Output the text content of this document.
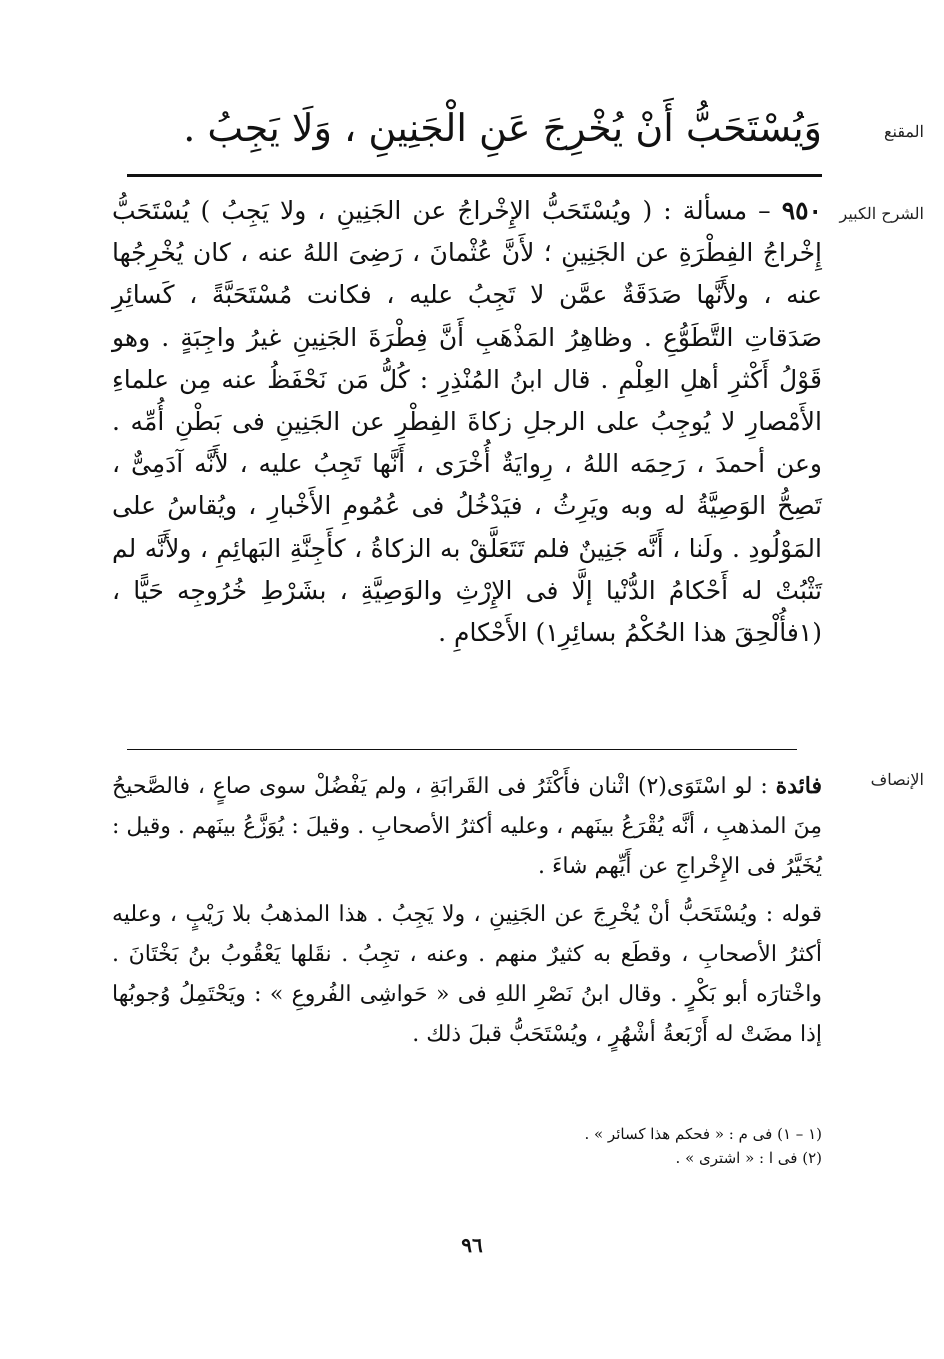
المقنع
وَيُسْتَحَبُّ أَنْ يُخْرِجَ عَنِ الْجَنِينِ ، وَلَا يَجِبُ .
الشرح الكبير
٩٥٠ – مسألة : ( ويُسْتَحَبُّ الإِخْراجُ عن الجَنِينِ ، ولا يَجِبُ ) يُسْتَحَبُّ إِخْراجُ الفِطْرَةِ عن الجَنِينِ ؛ لأَنَّ عُثْمانَ ، رَضِىَ اللهُ عنه ، كان يُخْرِجُها عنه ، ولأَنَّها صَدَقَةٌ عمَّن لا تَجِبُ عليه ، فكانت مُسْتَحَبَّةً ، كَسائِرِ صَدَقاتِ التَّطَوُّعِ . وظاهِرُ المَذْهَبِ أَنَّ فِطْرَةَ الجَنِينِ غيرُ واجِبَةٍ . وهو قَوْلُ أَكْثرِ أهلِ العِلْمِ . قال ابنُ المُنْذِرِ : كُلُّ مَن نَحْفَظُ عنه مِن علماءِ الأَمْصارِ لا يُوجِبُ على الرجلِ زكاةَ الفِطْرِ عن الجَنِينِ فى بَطْنِ أُمِّه . وعن أحمدَ ، رَحِمَه اللهُ ، رِوايَةٌ أُخْرَى ، أَنَّها تَجِبُ عليه ، لأَنَّه آدَمِىٌّ ، تَصِحُّ الوَصِيَّةُ له وبه ويَرِثُ ، فيَدْخُلُ فى عُمُومِ الأَخْبارِ ، ويُقاسُ على المَوْلُودِ . ولَنا ، أَنَّه جَنِينٌ فلم تَتَعَلَّقْ به الزكاةُ ، كأَجِنَّةِ البَهائِمِ ، ولأَنَّه لم تَثْبُتْ له أَحْكامُ الدُّنْيا إلَّا فى الإِرْثِ والوَصِيَّةِ ، بشَرْطِ خُرُوجِه حَيًّا ، (١فأُلْحِقَ هذا الحُكْمُ بسائِرِ١) الأَحْكامِ .
الإنصاف

فائدة : لو اسْتَوَى(٢) اثْنان فأَكْثَرُ فى القَرابَةِ ، ولم يَفْضُلْ سوى صاعٍ ، فالصَّحيحُ مِنَ المذهبِ ، أنَّه يُقْرَعُ بينَهم ، وعليه أكثرُ الأصحابِ . وقيلَ : يُوَزَّعُ بينَهم . وقيل : يُخَيَّرُ فى الإِخْراجِ عن أَيِّهم شاءَ .

قوله : ويُسْتَحَبُّ أنْ يُخْرِجَ عن الجَنِينِ ، ولا يَجِبُ . هذا المذهبُ بلا رَيْبٍ ، وعليه أكثرُ الأصحابِ ، وقطَع به كثيرٌ منهم . وعنه ، تجِبُ . نقَلها يَعْقُوبُ بنُ بَخْتَانَ . واخْتارَه أبو بَكْرٍ . وقال ابنُ نَصْرِ اللهِ فى « حَواشِى الفُروعِ » : ويَحْتَمِلُ وُجوبُها إذا مضَتْ له أَرْبَعةُ أشْهُرٍ ، ويُسْتَحَبُّ قبلَ ذلك .

(١ – ١) فى م : « فحكم هذا كسائر » .
(٢) فى ا : « اشترى » .
٩٦
